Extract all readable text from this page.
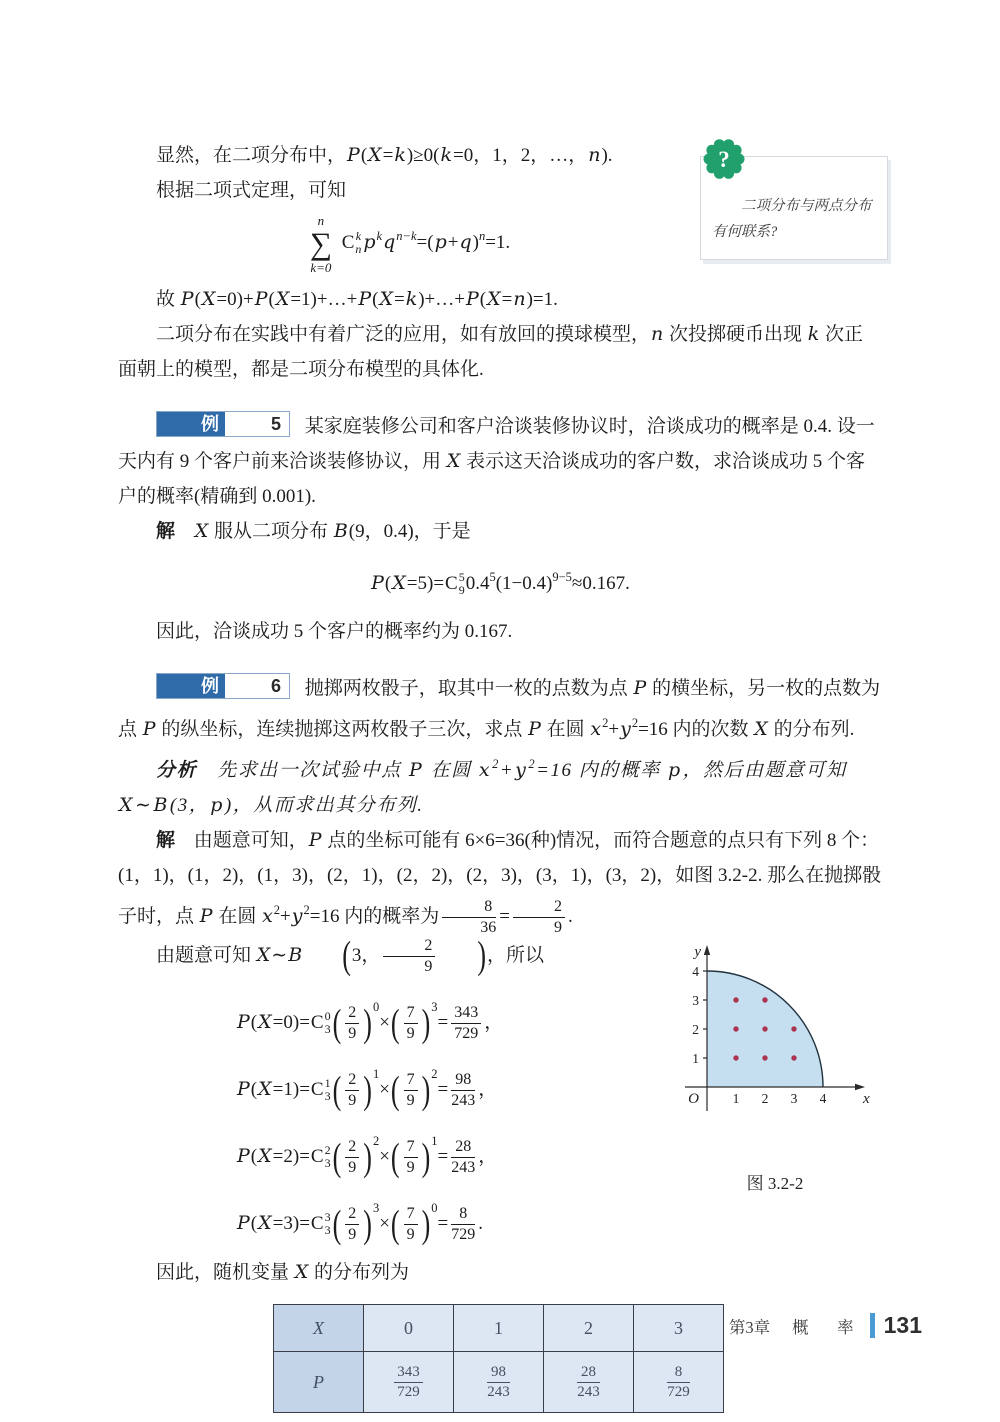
显然，在二项分布中，P(X=k)≥0(k=0，1，2，…，n).

根据二项式定理，可知

n
∑
k=0

C k
n $p^kq^{n-k}=(p+q)^n=1$.

故 P(X=0)+P(X=1)+…+P(X=k)+…+P(X=n)=1.

二项分布在实践中有着广泛的应用，如有放回的摸球模型，n 次投掷硬币出现 k 次正面朝上的模型，都是二项分布模型的具体化.

例	5	某家庭装修公司和客户洽谈装修协议时，洽谈成功的概率是 0.4. 设一天内有 9 个客户前来洽谈装修协议，用 X 表示这天洽谈成功的客户数，求洽谈成功 5 个客户的概率(精确到 0.001).

解 X 服从二项分布 B(9，0.4)，于是

P(X=5)= C 5
9 $0.4^5(1-0.4)^{9-5}\approx 0.167$.

因此，洽谈成功 5 个客户的概率约为 0.167.

例	6	抛掷两枚骰子，取其中一枚的点数为点 P 的横坐标，另一枚的点数为点 P 的纵坐标，连续抛掷这两枚骰子三次，求点 P 在圆 $x^2+y^2=16$ 内的次数 X 的分布列.

分析 先求出一次试验中点 P 在圆 $x^2+y^2=16$ 内的概率 p，然后由题意可知 X∼B(3，p)，从而求出其分布列.

解 由题意可知，P 点的坐标可能有 6×6=36(种)情况，而符合题意的点只有下列 8 个：(1，1)，(1，2)，(1，3)，(2，1)，(2，2)，(2，3)，(3，1)，(3，2)，如图 3.2-2. 那么在抛掷骰子时，点 P 在圆 $x^2+y^2=16$ 内的概率为 $\frac{8}{36} = \frac{2}{9}$ .

由题意可知 X∼B (3， $\frac{2}{9}$ )，所以

P(X=0)= C 0
3 ( $\frac{2}{9} )^0\times( \frac{7}{9} )^3= \frac{343}{729}$ ，
P(X=1)= C 1
3 ( $\frac{2}{9} )^1\times( \frac{7}{9} )^2= \frac{98}{243}$ ，
P(X=2)= C 2
3 ( $\frac{2}{9} )^2\times( \frac{7}{9} )^1= \frac{28}{243}$ ，
P(X=3)= C 3
3 ( $\frac{2}{9} )^3\times( \frac{7}{9} )^0= \frac{8}{729}$ .
1 2 3 4
1
2
3
4
O	x
y
图 3.2-2

因此，随机变量 X 的分布列为

X	0	1	2	3
P	$\frac{343}{729}$	$\frac{98}{243}$	$\frac{28}{243}$	$\frac{8}{729}$
?

二项分布与两点分布有何联系?

第3章 概　率 131
